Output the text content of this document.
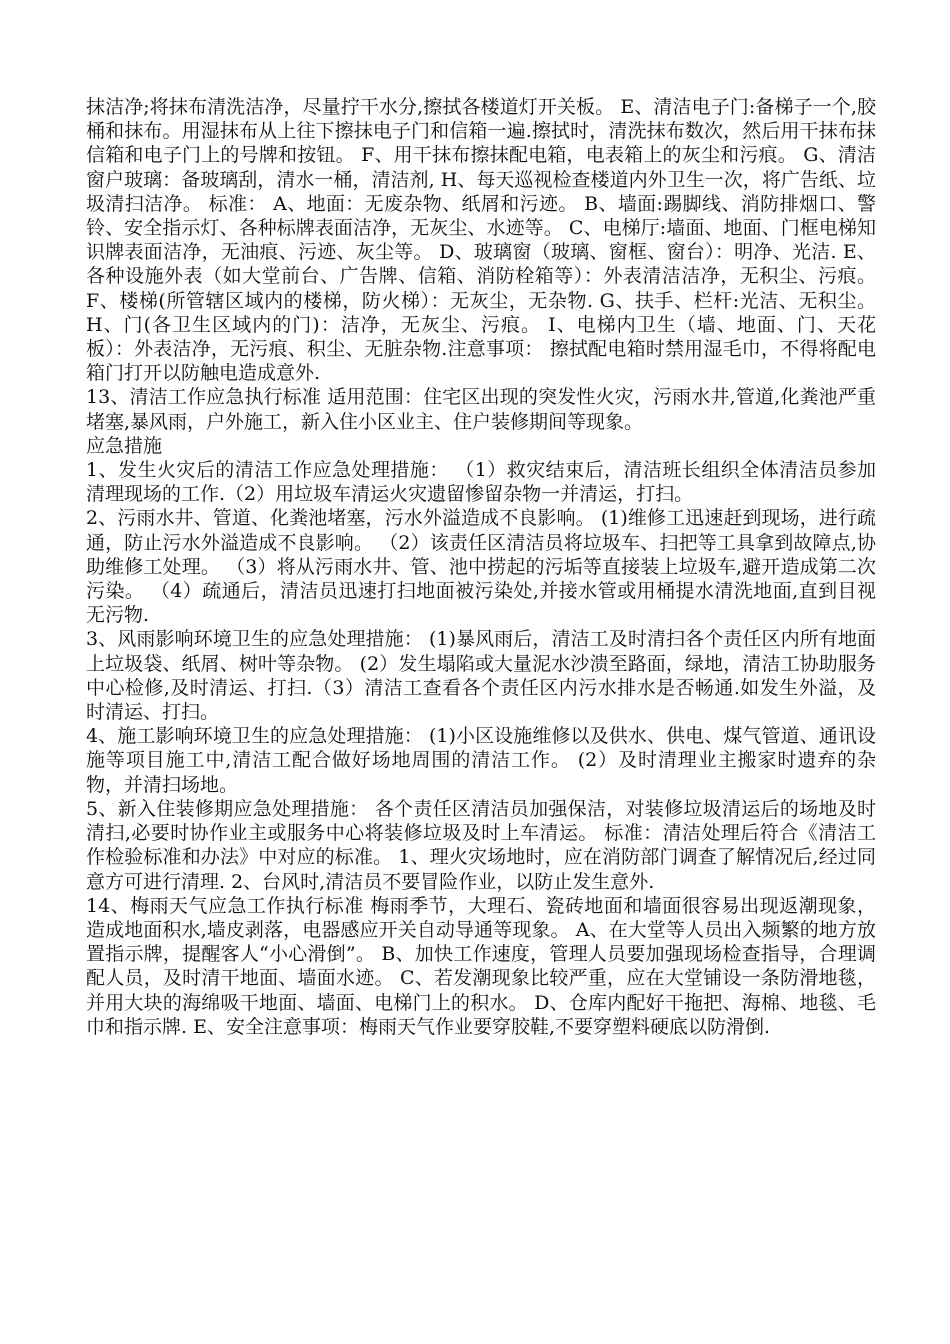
抹洁净;将抹布清洗洁净，尽量拧干水分,擦拭各楼道灯开关板。 E、清洁电子门:备梯子一个,胶桶和抹布。用湿抹布从上往下擦抹电子门和信箱一遍.擦拭时，清洗抹布数次，然后用干抹布抹信箱和电子门上的号牌和按钮。 F、用干抹布擦抹配电箱，电表箱上的灰尘和污痕。 G、清洁窗户玻璃：备玻璃刮，清水一桶，清洁剂, H、每天巡视检查楼道内外卫生一次，将广告纸、垃圾清扫洁净。 标准： A、地面：无废杂物、纸屑和污迹。 B、墙面:踢脚线、消防排烟口、警铃、安全指示灯、各种标牌表面洁净，无灰尘、水迹等。 C、电梯厅:墙面、地面、门框电梯知识牌表面洁净，无油痕、污迹、灰尘等。 D、玻璃窗（玻璃、窗框、窗台）：明净、光洁. E、各种设施外表（如大堂前台、广告牌、信箱、消防栓箱等）：外表清洁洁净，无积尘、污痕。 F、楼梯(所管辖区域内的楼梯，防火梯）：无灰尘，无杂物. G、扶手、栏杆:光洁、无积尘。 H、门(各卫生区域内的门)：洁净，无灰尘、污痕。 I、电梯内卫生（墙、地面、门、天花板）：外表洁净，无污痕、积尘、无脏杂物.注意事项： 擦拭配电箱时禁用湿毛巾，不得将配电箱门打开以防触电造成意外.

13、清洁工作应急执行标准 适用范围：住宅区出现的突发性火灾，污雨水井,管道,化粪池严重堵塞,暴风雨，户外施工，新入住小区业主、住户装修期间等现象。

应急措施

1、发生火灾后的清洁工作应急处理措施： （1）救灾结束后，清洁班长组织全体清洁员参加清理现场的工作.（2）用垃圾车清运火灾遗留惨留杂物一并清运，打扫。

2、污雨水井、管道、化粪池堵塞，污水外溢造成不良影响。 (1)维修工迅速赶到现场，进行疏通，防止污水外溢造成不良影响。 （2）该责任区清洁员将垃圾车、扫把等工具拿到故障点,协助维修工处理。 （3）将从污雨水井、管、池中捞起的污垢等直接装上垃圾车,避开造成第二次污染。 （4）疏通后，清洁员迅速打扫地面被污染处,并接水管或用桶提水清洗地面,直到目视无污物.

3、风雨影响环境卫生的应急处理措施： (1)暴风雨后，清洁工及时清扫各个责任区内所有地面上垃圾袋、纸屑、树叶等杂物。 (2）发生塌陷或大量泥水沙溃至路面，绿地，清洁工协助服务中心检修,及时清运、打扫.（3）清洁工查看各个责任区内污水排水是否畅通.如发生外溢，及时清运、打扫。

4、施工影响环境卫生的应急处理措施： (1)小区设施维修以及供水、供电、煤气管道、通讯设施等项目施工中,清洁工配合做好场地周围的清洁工作。 (2）及时清理业主搬家时遗弃的杂物，并清扫场地。

5、新入住装修期应急处理措施： 各个责任区清洁员加强保洁，对装修垃圾清运后的场地及时清扫,必要时协作业主或服务中心将装修垃圾及时上车清运。 标准：清洁处理后符合《清洁工作检验标准和办法》中对应的标准。 1、理火灾场地时，应在消防部门调查了解情况后,经过同意方可进行清理. 2、台风时,清洁员不要冒险作业，以防止发生意外.

14、梅雨天气应急工作执行标准 梅雨季节，大理石、瓷砖地面和墙面很容易出现返潮现象，造成地面积水,墙皮剥落，电器感应开关自动导通等现象。 A、在大堂等人员出入频繁的地方放置指示牌，提醒客人“小心滑倒”。 B、加快工作速度，管理人员要加强现场检查指导，合理调配人员，及时清干地面、墙面水迹。 C、若发潮现象比较严重，应在大堂铺设一条防滑地毯，并用大块的海绵吸干地面、墙面、电梯门上的积水。 D、仓库内配好干拖把、海棉、地毯、毛巾和指示牌. E、安全注意事项：梅雨天气作业要穿胶鞋,不要穿塑料硬底以防滑倒.
